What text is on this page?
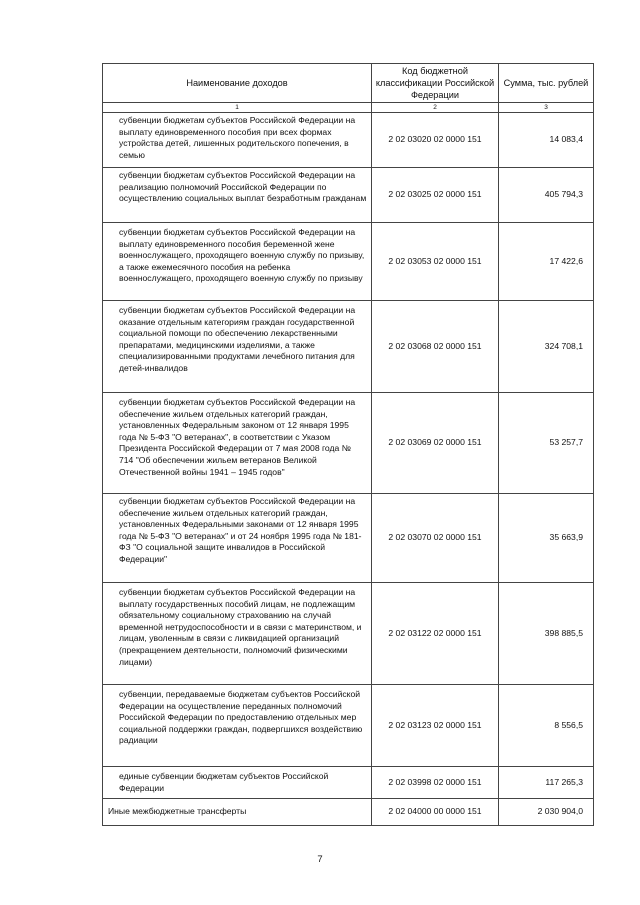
Наименование доходов	Код бюджетной классификации Российской Федерации	Сумма, тыс. рублей
1	2	3
субвенции бюджетам субъектов Российской Федерации на выплату единовременного пособия при всех формах устройства детей, лишенных родительского попечения, в семью	2 02 03020 02 0000 151	14 083,4
субвенции бюджетам субъектов Российской Федерации на реализацию полномочий Российской Федерации по осуществлению социальных выплат безработным гражданам	2 02 03025 02 0000 151	405 794,3
субвенции бюджетам субъектов Российской Федерации на выплату единовременного пособия беременной жене военнослужащего, проходящего военную службу по призыву, а также ежемесячного пособия на ребенка военнослужащего, проходящего военную службу по призыву	2 02 03053 02 0000 151	17 422,6
субвенции бюджетам субъектов Российской Федерации на оказание отдельным категориям граждан государственной социальной помощи по обеспечению лекарственными препаратами, медицинскими изделиями, а также специализированными продуктами лечебного питания для детей-инвалидов	2 02 03068 02 0000 151	324 708,1
субвенции бюджетам субъектов Российской Федерации на обеспечение жильем отдельных категорий граждан, установленных Федеральным законом от 12 января 1995 года № 5-ФЗ "О ветеранах", в соответствии с Указом Президента Российской Федерации от 7 мая 2008 года № 714 "Об обеспечении жильем ветеранов Великой Отечественной войны 1941 – 1945 годов"	2 02 03069 02 0000 151	53 257,7
субвенции бюджетам субъектов Российской Федерации на обеспечение жильем отдельных категорий граждан, установленных Федеральными законами от 12 января 1995 года № 5-ФЗ "О ветеранах" и от 24 ноября 1995 года № 181-ФЗ "О социальной защите инвалидов в Российской Федерации"	2 02 03070 02 0000 151	35 663,9
субвенции бюджетам субъектов Российской Федерации на выплату государственных пособий лицам, не подлежащим обязательному социальному страхованию на случай временной нетрудоспособности и в связи с материнством, и лицам, уволенным в связи с ликвидацией организаций (прекращением деятельности, полномочий физическими лицами)	2 02 03122 02 0000 151	398 885,5
субвенции, передаваемые бюджетам субъектов Российской Федерации на осуществление переданных полномочий Российской Федерации по предоставлению отдельных мер социальной поддержки граждан, подвергшихся воздействию радиации	2 02 03123 02 0000 151	8 556,5
единые субвенции бюджетам субъектов Российской Федерации	2 02 03998 02 0000 151	117 265,3
Иные межбюджетные трансферты	2 02 04000 00 0000 151	2 030 904,0
7
